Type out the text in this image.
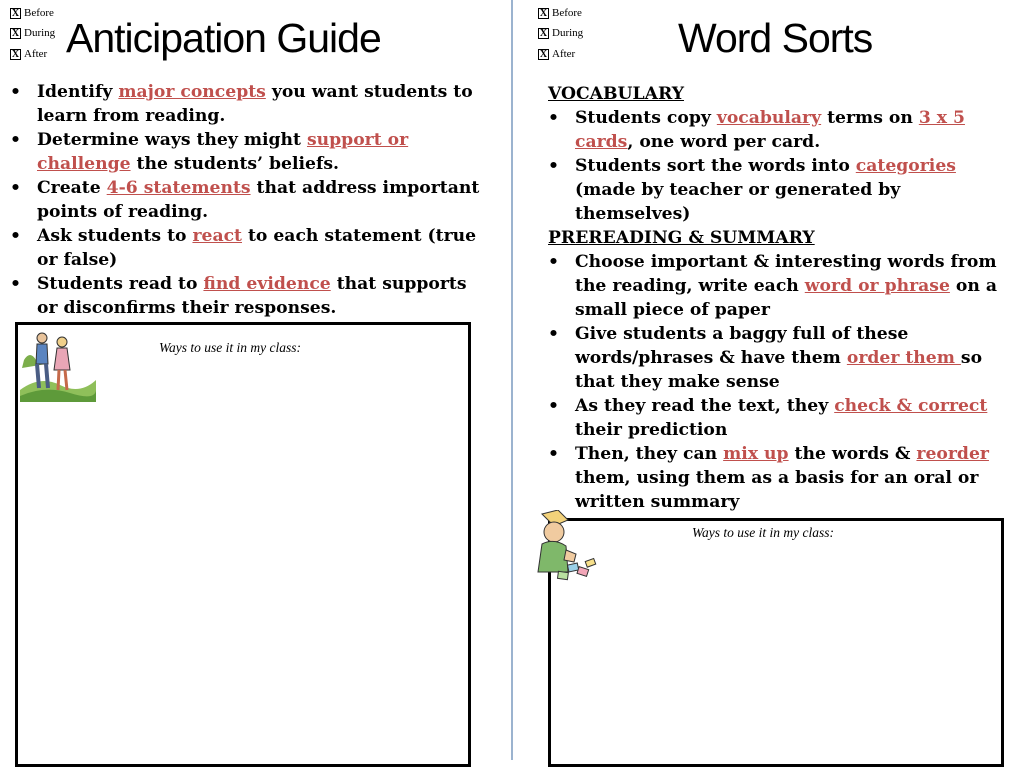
X Before
X During
X After Anticipation Guide
• Identify major concepts you want students to learn from reading.
• Determine ways they might support or challenge the students’ beliefs.
• Create 4-6 statements that address important points of reading.
• Ask students to react to each statement (true or false)
• Students read to find evidence that supports or disconfirms their responses.
Ways to use it in my class:
X Before
X During
X After	Word Sorts
VOCABULARY
• Students copy vocabulary terms on 3 x 5 cards, one word per card.
• Students sort the words into categories (made by teacher or generated by themselves)
PREREADING & SUMMARY
• Choose important & interesting words from the reading, write each word or phrase on a small piece of paper
• Give students a baggy full of these words/phrases & have them order them so that they make sense
• As they read the text, they check & correct their prediction
• Then, they can mix up the words & reorder them, using them as a basis for an oral or written summary
Ways to use it in my class:
